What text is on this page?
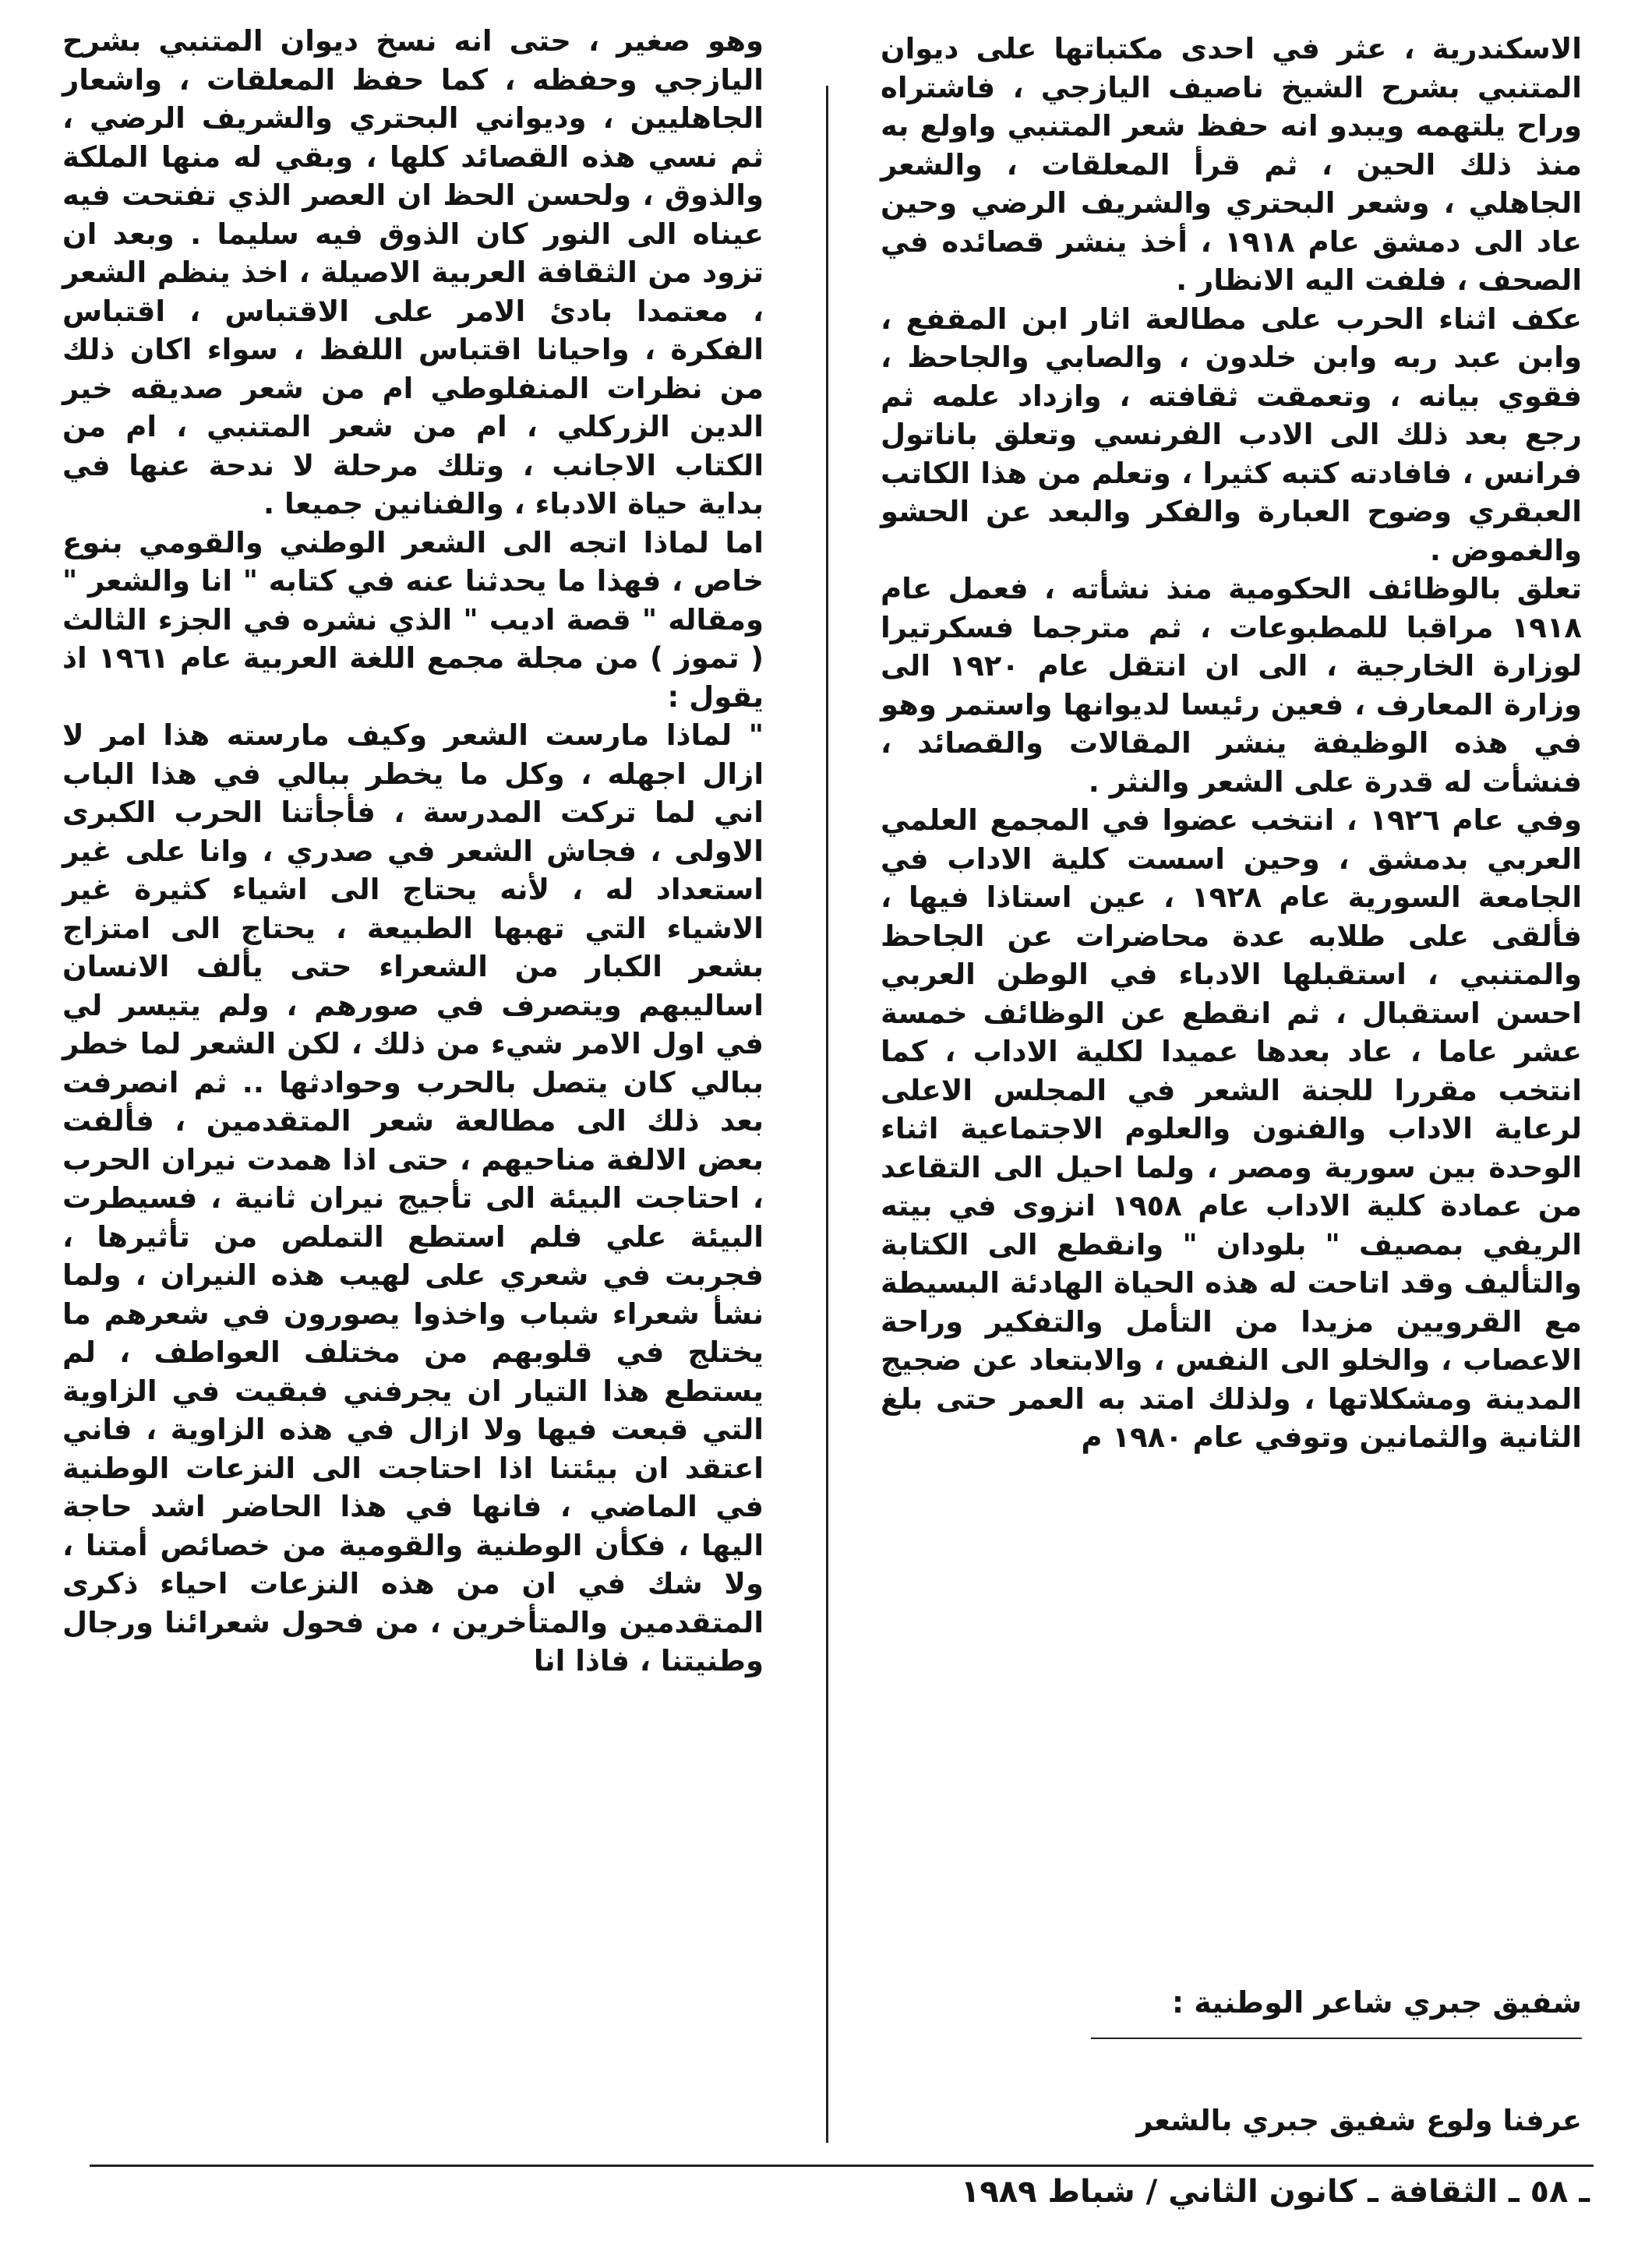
الاسكندرية ، عثر في احدى مكتباتها على ديوان المتنبي بشرح الشيخ ناصيف اليازجي ، فاشتراه وراح يلتهمه ويبدو انه حفظ شعر المتنبي واولع به منذ ذلك الحين ، ثم قرأ المعلقات ، والشعر الجاهلي ، وشعر البحتري والشريف الرضي وحين عاد الى دمشق عام ١٩١٨ ، أخذ ينشر قصائده في الصحف ، فلفت اليه الانظار .

عكف اثناء الحرب على مطالعة اثار ابن المقفع ، وابن عبد ربه وابن خلدون ، والصابي والجاحظ ، فقوي بيانه ، وتعمقت ثقافته ، وازداد علمه ثم رجع بعد ذلك الى الادب الفرنسي وتعلق باناتول فرانس ، فافادته كتبه كثيرا ، وتعلم من هذا الكاتب العبقري وضوح العبارة والفكر والبعد عن الحشو والغموض .

تعلق بالوظائف الحكومية منذ نشأته ، فعمل عام ١٩١٨ مراقبا للمطبوعات ، ثم مترجما فسكرتيرا لوزارة الخارجية ، الى ان انتقل عام ١٩٢٠ الى وزارة المعارف ، فعين رئيسا لديوانها واستمر وهو في هذه الوظيفة ينشر المقالات والقصائد ، فنشأت له قدرة على الشعر والنثر .

وفي عام ١٩٢٦ ، انتخب عضوا في المجمع العلمي العربي بدمشق ، وحين اسست كلية الاداب في الجامعة السورية عام ١٩٢٨ ، عين استاذا فيها ، فألقى على طلابه عدة محاضرات عن الجاحظ والمتنبي ، استقبلها الادباء في الوطن العربي احسن استقبال ، ثم انقطع عن الوظائف خمسة عشر عاما ، عاد بعدها عميدا لكلية الاداب ، كما انتخب مقررا للجنة الشعر في المجلس الاعلى لرعاية الاداب والفنون والعلوم الاجتماعية اثناء الوحدة بين سورية ومصر ، ولما احيل الى التقاعد من عمادة كلية الاداب عام ١٩٥٨ انزوى في بيته الريفي بمصيف " بلودان " وانقطع الى الكتابة والتأليف وقد اتاحت له هذه الحياة الهادئة البسيطة مع القرويين مزيدا من التأمل والتفكير وراحة الاعصاب ، والخلو الى النفس ، والابتعاد عن ضجيج المدينة ومشكلاتها ، ولذلك امتد به العمر حتى بلغ الثانية والثمانين وتوفي عام ١٩٨٠ م

شفيق جبري شاعر الوطنية :
عرفنا ولوع شفيق جبري بالشعر

وهو صغير ، حتى انه نسخ ديوان المتنبي بشرح اليازجي وحفظه ، كما حفظ المعلقات ، واشعار الجاهليين ، وديواني البحتري والشريف الرضي ، ثم نسي هذه القصائد كلها ، وبقي له منها الملكة والذوق ، ولحسن الحظ ان العصر الذي تفتحت فيه عيناه الى النور كان الذوق فيه سليما . وبعد ان تزود من الثقافة العربية الاصيلة ، اخذ ينظم الشعر ، معتمدا بادئ الامر على الاقتباس ، اقتباس الفكرة ، واحيانا اقتباس اللفظ ، سواء اكان ذلك من نظرات المنفلوطي ام من شعر صديقه خير الدين الزركلي ، ام من شعر المتنبي ، ام من الكتاب الاجانب ، وتلك مرحلة لا ندحة عنها في بداية حياة الادباء ، والفنانين جميعا .

اما لماذا اتجه الى الشعر الوطني والقومي بنوع خاص ، فهذا ما يحدثنا عنه في كتابه " انا والشعر " ومقاله " قصة اديب " الذي نشره في الجزء الثالث ( تموز ) من مجلة مجمع اللغة العربية عام ١٩٦١ اذ يقول :

" لماذا مارست الشعر وكيف مارسته هذا امر لا ازال اجهله ، وكل ما يخطر ببالي في هذا الباب اني لما تركت المدرسة ، فأجأتنا الحرب الكبرى الاولى ، فجاش الشعر في صدري ، وانا على غير استعداد له ، لأنه يحتاج الى اشياء كثيرة غير الاشياء التي تهبها الطبيعة ، يحتاج الى امتزاج بشعر الكبار من الشعراء حتى يألف الانسان اساليبهم ويتصرف في صورهم ، ولم يتيسر لي في اول الامر شيء من ذلك ، لكن الشعر لما خطر ببالي كان يتصل بالحرب وحوادثها .. ثم انصرفت بعد ذلك الى مطالعة شعر المتقدمين ، فألفت بعض الالفة مناحيهم ، حتى اذا همدت نيران الحرب ، احتاجت البيئة الى تأجيج نيران ثانية ، فسيطرت البيئة علي فلم استطع التملص من تأثيرها ، فجربت في شعري على لهيب هذه النيران ، ولما نشأ شعراء شباب واخذوا يصورون في شعرهم ما يختلج في قلوبهم من مختلف العواطف ، لم يستطع هذا التيار ان يجرفني فبقيت في الزاوية التي قبعت فيها ولا ازال في هذه الزاوية ، فاني اعتقد ان بيئتنا اذا احتاجت الى النزعات الوطنية في الماضي ، فانها في هذا الحاضر اشد حاجة اليها ، فكأن الوطنية والقومية من خصائص أمتنا ، ولا شك في ان من هذه النزعات احياء ذكرى المتقدمين والمتأخرين ، من فحول شعرائنا ورجال وطنيتنا ، فاذا انا

ـ ٥٨ ـ الثقافة ـ كانون الثاني / شباط ١٩٨٩
